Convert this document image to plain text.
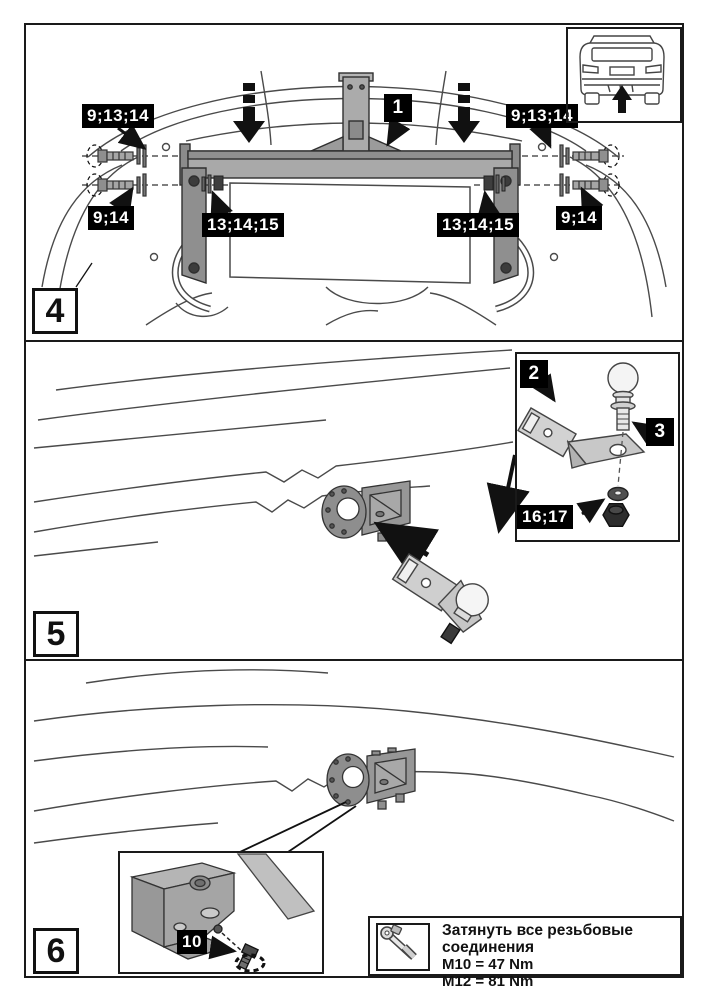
9;13;14	9;13;14
1
9;14	9;14
13;14;15	13;14;15
4
2
3
16;17
5
10
6
Затянуть все резьбовые соединения
M10 = 47 Nm
M12 = 81 Nm
